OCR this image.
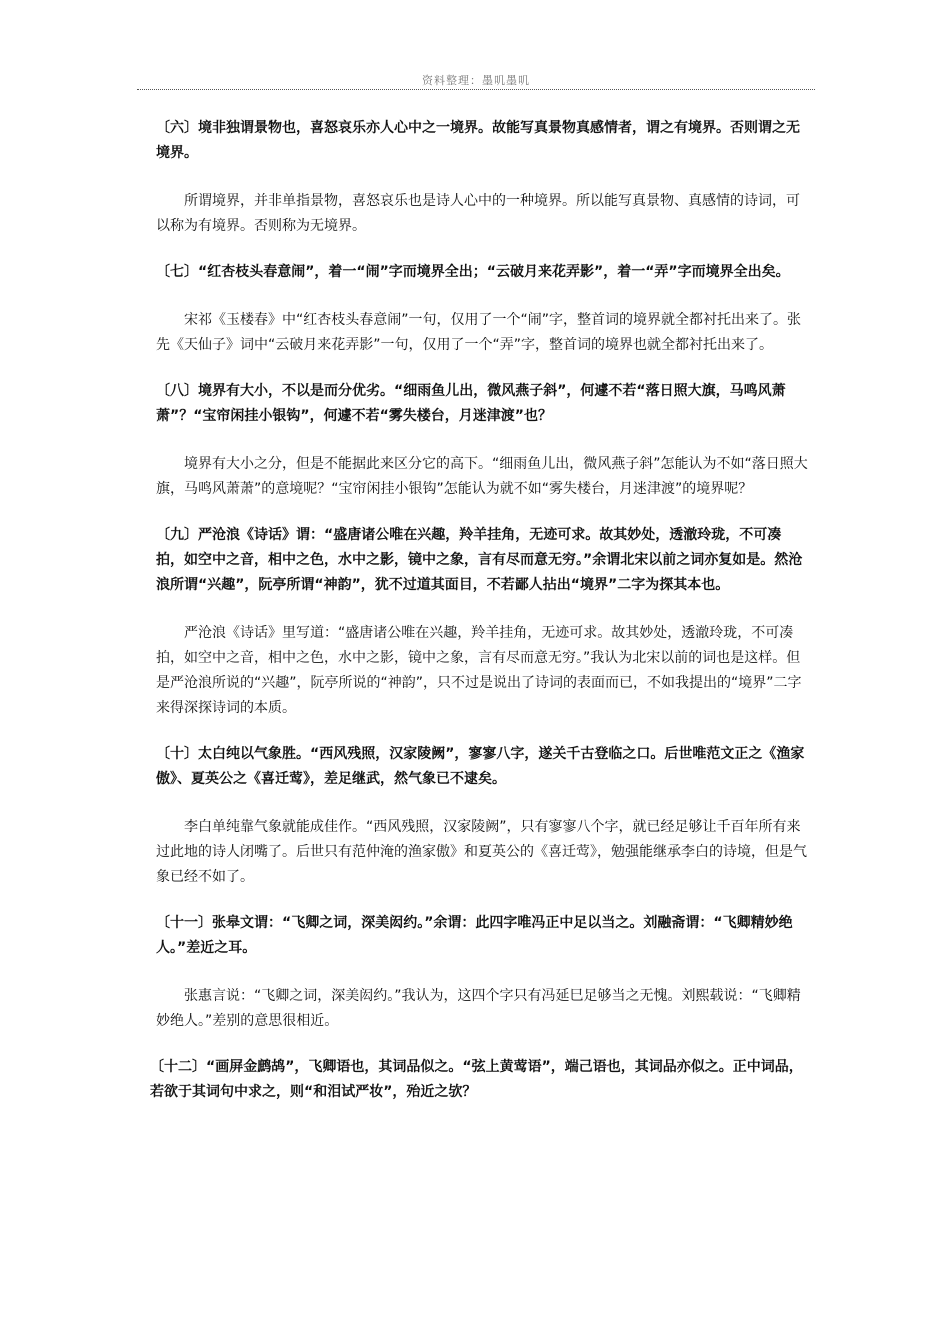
资料整理：墨叽墨叽

〔六〕境非独谓景物也，喜怒哀乐亦人心中之一境界。故能写真景物真感情者，谓之有境界。否则谓之无境界。

所谓境界，并非单指景物，喜怒哀乐也是诗人心中的一种境界。所以能写真景物、真感情的诗词，可以称为有境界。否则称为无境界。

〔七〕“红杏枝头春意闹”，着一“闹”字而境界全出；“云破月来花弄影”，着一“弄”字而境界全出矣。

宋祁《玉楼春》中“红杏枝头春意闹”一句，仅用了一个“闹”字，整首词的境界就全都衬托出来了。张先《天仙子》词中“云破月来花弄影”一句，仅用了一个“弄”字，整首词的境界也就全都衬托出来了。

〔八〕境界有大小，不以是而分优劣。“细雨鱼儿出，微风燕子斜”，何遽不若“落日照大旗，马鸣风萧萧”？“宝帘闲挂小银钩”，何遽不若“雾失楼台，月迷津渡”也？

境界有大小之分，但是不能据此来区分它的高下。“细雨鱼儿出，微风燕子斜”怎能认为不如“落日照大旗，马鸣风萧萧”的意境呢？“宝帘闲挂小银钩”怎能认为就不如“雾失楼台，月迷津渡”的境界呢？

〔九〕严沧浪《诗话》谓：“盛唐诸公唯在兴趣，羚羊挂角，无迹可求。故其妙处，透澈玲珑，不可凑拍，如空中之音，相中之色，水中之影，镜中之象，言有尽而意无穷。”余谓北宋以前之词亦复如是。然沧浪所谓“兴趣”，阮亭所谓“神韵”，犹不过道其面目，不若鄙人拈出“境界”二字为探其本也。

严沧浪《诗话》里写道：“盛唐诸公唯在兴趣，羚羊挂角，无迹可求。故其妙处，透澈玲珑，不可凑拍，如空中之音，相中之色，水中之影，镜中之象，言有尽而意无穷。”我认为北宋以前的词也是这样。但是严沧浪所说的“兴趣”，阮亭所说的“神韵”，只不过是说出了诗词的表面而已，不如我提出的“境界”二字来得深探诗词的本质。

〔十〕太白纯以气象胜。“西风残照，汉家陵阙”，寥寥八字，遂关千古登临之口。后世唯范文正之《渔家傲》、夏英公之《喜迁莺》，差足继武，然气象已不逮矣。

李白单纯靠气象就能成佳作。“西风残照，汉家陵阙”，只有寥寥八个字，就已经足够让千百年所有来过此地的诗人闭嘴了。后世只有范仲淹的渔家傲》和夏英公的《喜迁莺》，勉强能继承李白的诗境，但是气象已经不如了。

〔十一〕张皋文谓：“飞卿之词，深美闳约。”余谓：此四字唯冯正中足以当之。刘融斋谓：“飞卿精妙绝人。”差近之耳。

张惠言说：“飞卿之词，深美闳约。”我认为，这四个字只有冯延巳足够当之无愧。刘熙载说：“飞卿精妙绝人。”差别的意思很相近。

〔十二〕“画屏金鹧鸪”，飞卿语也，其词品似之。“弦上黄莺语”，端己语也，其词品亦似之。正中词品，若欲于其词句中求之，则“和泪试严妆”，殆近之欤？
